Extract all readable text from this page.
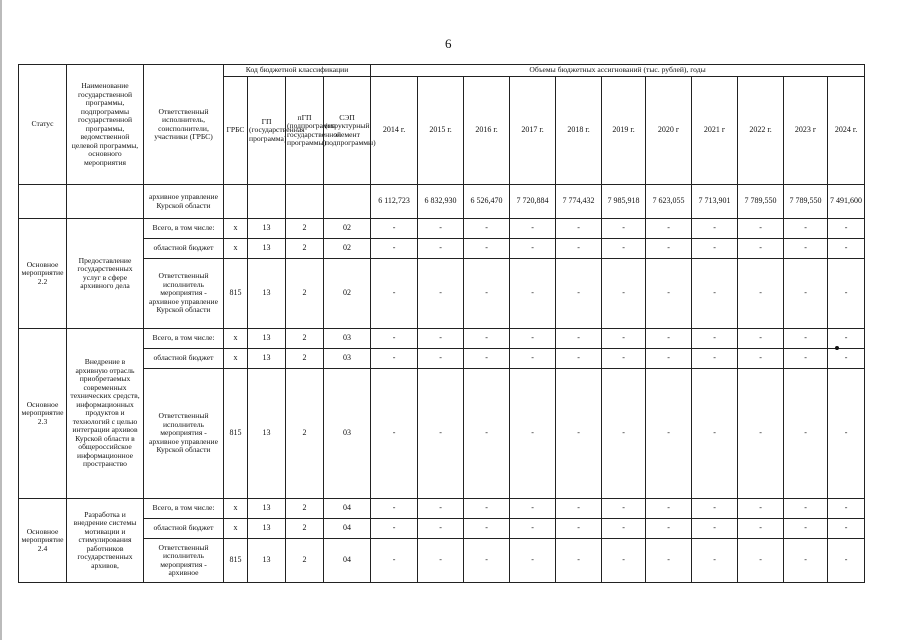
6
Статус	Наименование государственной программы, подпрограммы государственной программы, ведомственной целевой программы, основного мероприятия	Ответственный исполнитель, соисполнители, участники (ГРБС)	Код бюджетной классификации				Объемы бюджетных ассигнований (тыс. рублей), годы										
			ГРБС	ГП (государственная программа)	пГП (подпрограмма государственной программы)	СЭП (структурный элемент подпрограммы)	2014 г.	2015 г.	2016 г.	2017 г.	2018 г.	2019 г.	2020 г	2021 г	2022 г.	2023 г	2024 г.
		архивное управление Курской области					6 112,723	6 832,930	6 526,470	7 720,884	7 774,432	7 985,918	7 623,055	7 713,901	7 789,550	7 789,550	7 491,600
Основное мероприятие 2.2	Предоставление государственных услуг в сфере архивного дела	Всего, в том числе:	x	13	2	02	-	-	-	-	-	-	-	-	-	-	-
		областной бюджет	x	13	2	02	-	-	-	-	-	-	-	-	-	-	-
		Ответственный исполнитель мероприятия - архивное управление Курской области	815	13	2	02	-	-	-	-	-	-	-	-	-	-	-
Основное мероприятие 2.3	Внедрение в архивную отрасль приобретаемых современных технических средств, информационных продуктов и технологий с целью интеграции архивов Курской области в общероссийское информационное пространство	Всего, в том числе:	x	13	2	03	-	-	-	-	-	-	-	-	-	-	-
		областной бюджет	x	13	2	03	-	-	-	-	-	-	-	-	-	-	-
		Ответственный исполнитель мероприятия - архивное управление Курской области	815	13	2	03	-	-	-	-	-	-	-	-	-	-	-
Основное мероприятие 2.4	Разработка и внедрение системы мотивации и стимулирования работников государственных архивов,	Всего, в том числе:	x	13	2	04	-	-	-	-	-	-	-	-	-	-	-
		областной бюджет	x	13	2	04	-	-	-	-	-	-	-	-	-	-	-
		Ответственный исполнитель мероприятия - архивное	815	13	2	04	-	-	-	-	-	-	-	-	-	-	-
